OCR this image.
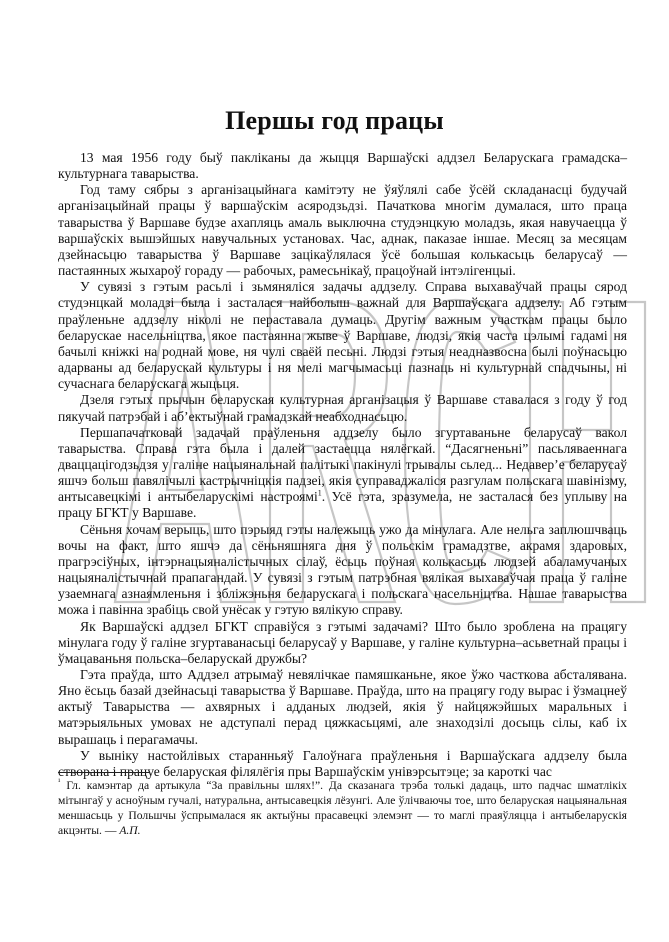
Першы год працы

13 мая 1956 году быў пакліканы да жыцця Варшаўскі аддзел Беларускага грамадска–культурнага таварыства.

Год таму сябры з арганізацыйнага камітэту не ўяўлялі сабе ўсёй складанасці будучай арганізацыйнай працы ў варшаўскім асяродзьдзі. Пачаткова многім думалася, што праца таварыства ў Варшаве будзе ахапляць амаль выключна студэнцкую моладзь, якая навучаецца ў варшаўскіх вышэйшых навучальных установах. Час, аднак, паказае іншае. Месяц за месяцам дзейнасьцю таварыства ў Варшаве зацікаўлялася ўсё большая колькасьць беларусаў — пастаянных жыхароў гораду — рабочых, рамесьнікаў, працоўнай інтэлігенцыі.

У сувязі з гэтым расьлі і зьмяняліся задачы аддзелу. Справа выхаваўчай працы сярод студэнцкай моладзі была і засталася найболыш важнай для Варшаўскага аддзелу. Аб гэтым праўленьне аддзелу ніколі не пераставала думаць. Другім важным участкам працы было беларускае насельніцтва, якое пастаянна жыве ў Варшаве, людзі, якія часта цэлымі гадамі ня бачылі кніжкі на роднай мове, ня чулі сваёй песьні. Людзі гэтыя неадназвосна былі поўнасьцю адарваны ад беларускай культуры і ня мелі магчымасьці пазнаць ні культурнай спадчыны, ні сучаснага беларускага жыцьця.

Дзеля гэтых прычын беларуская культурная арганізацыя ў Варшаве ставалася з году ў год пякучай патрэбай і аб’ектыўнай грамадзкай неабходнасьцю.

Першапачатковай задачай праўленьня аддзелу было згуртаваньне беларусаў вакол таварыства. Справа гэта была і далей застаецца нялёгкай. “Дасягненьні” пасьляваеннага дваццацігодзьдзя у галіне нацыянальнай палітыкі пакінулі трывалы сьлед... Недавер’е беларусаў яшчэ больш павялічылі кастрычніцкія падзеі, якія суправаджаліся разгулам польскага шавінізму, антысавецкімі і антыбеларускімі настроямі$^1$. Усё гэта, зразумела, не засталася без уплыву на працу БГКТ у Варшаве.

Сёньня хочам верыць, што пэрыяд гэты належыць ужо да мінулага. Але нельга заплюшчваць вочы на факт, што яшчэ да сёньняшняга дня ў польскім грамадзтве, акрамя здаровых, прагрэсіўных, інтэрнацыяналістычных сілаў, ёсьць поўная колькасьць людзей абаламучаных нацыяналістычнай прапагандай. У сувязі з гэтым патрэбная вялікая выхаваўчая праца ў галіне узаемнага азнаямленьня і збліжэньня беларускага і польскага насельніцтва. Нашае таварыства можа і павінна зрабіць свой унёсак у гэтую вялікую справу.

Як Варшаўскі аддзел БГКТ справіўся з гэтымі задачамі? Што было зроблена на працягу мінулага году ў галіне згуртаванасьці беларусаў у Варшаве, у галіне культурна–асьветнай працы і ўмацаваньня польска–беларускай дружбы?

Гэта праўда, што Аддзел атрымаў невялічкае памяшканьне, якое ўжо часткова абсталявана. Яно ёсьць базай дзейнасьці таварыства ў Варшаве. Праўда, што на працягу году вырас і ўзмацнеў актыў Таварыства — ахвярных і адданых людзей, якія ў найцяжэйшых маральных і матэрыяльных умовах не адступалі перад цяжкасьцямі, але знаходзілі досыць сілы, каб іх вырашаць і перагамачы.

У выніку настойлівых старанньяў Галоўнага праўленьня і Варшаўскага аддзелу была створана і працуе беларуская філялёгія пры Варшаўскім унівэрсытэце; за кароткі час

$^{^1}$ Гл. камэнтар да артыкула “За правільны шлях!”. Да сказанага трэба толькі дадаць, што падчас шматлікіх мітынгаў у асноўным гучалі, натуральна, антысавецкія лёзунгі. Але ўлічваючы тое, што беларуская нацыянальная меншасьць у Польшчы ўспрымалася як актыўны прасавецкі элемэнт — то маглі праяўляцца і антыбеларускія акцэнты. — А.П.
